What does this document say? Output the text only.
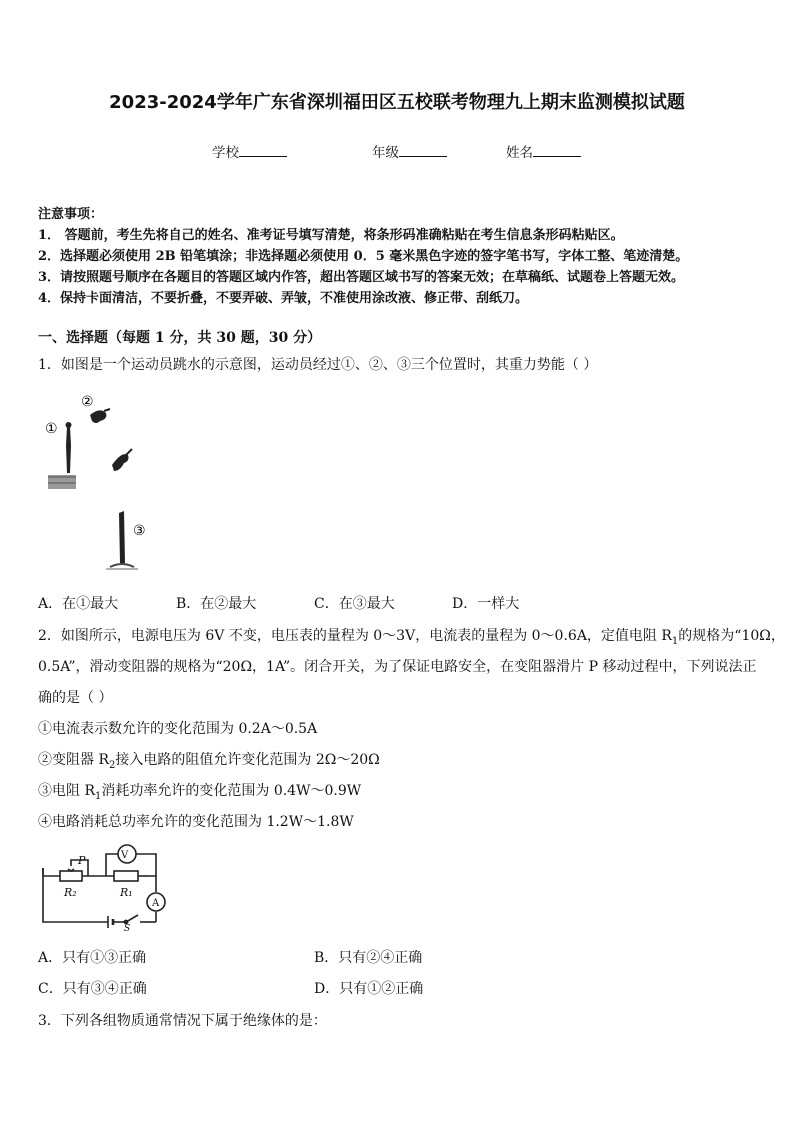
2023-2024学年广东省深圳福田区五校联考物理九上期末监测模拟试题
学校	年级	姓名
注意事项：
1． 答题前，考生先将自己的姓名、准考证号填写清楚，将条形码准确粘贴在考生信息条形码粘贴区。
2．选择题必须使用 2B 铅笔填涂；非选择题必须使用 0．5 毫米黑色字迹的签字笔书写，字体工整、笔迹清楚。
3．请按照题号顺序在各题目的答题区域内作答，超出答题区域书写的答案无效；在草稿纸、试题卷上答题无效。
4．保持卡面清洁，不要折叠，不要弄破、弄皱，不准使用涂改液、修正带、刮纸刀。
一、选择题（每题 1 分，共 30 题，30 分）
1．如图是一个运动员跳水的示意图，运动员经过①、②、③三个位置时，其重力势能（ ）
①
②
③
A．在①最大	B．在②最大	C．在③最大	D．一样大
2．如图所示，电源电压为 6V 不变，电压表的量程为 0～3V，电流表的量程为 0～0.6A，定值电阻 $R_1$的规格为“10Ω，
0.5A”，滑动变阻器的规格为“20Ω，1A”。闭合开关，为了保证电路安全，在变阻器滑片 P 移动过程中，下列说法正
确的是（ ）
①电流表示数允许的变化范围为 0.2A～0.5A
②变阻器 $R_2$接入电路的阻值允许变化范围为 2Ω～20Ω
③电阻 $R_1$消耗功率允许的变化范围为 0.4W～0.9W
④电路消耗总功率允许的变化范围为 1.2W～1.8W
P
R₂	R₁
V
A
S
A．只有①③正确	B．只有②④正确
C．只有③④正确	D．只有①②正确
3．下列各组物质通常情况下属于绝缘体的是：
